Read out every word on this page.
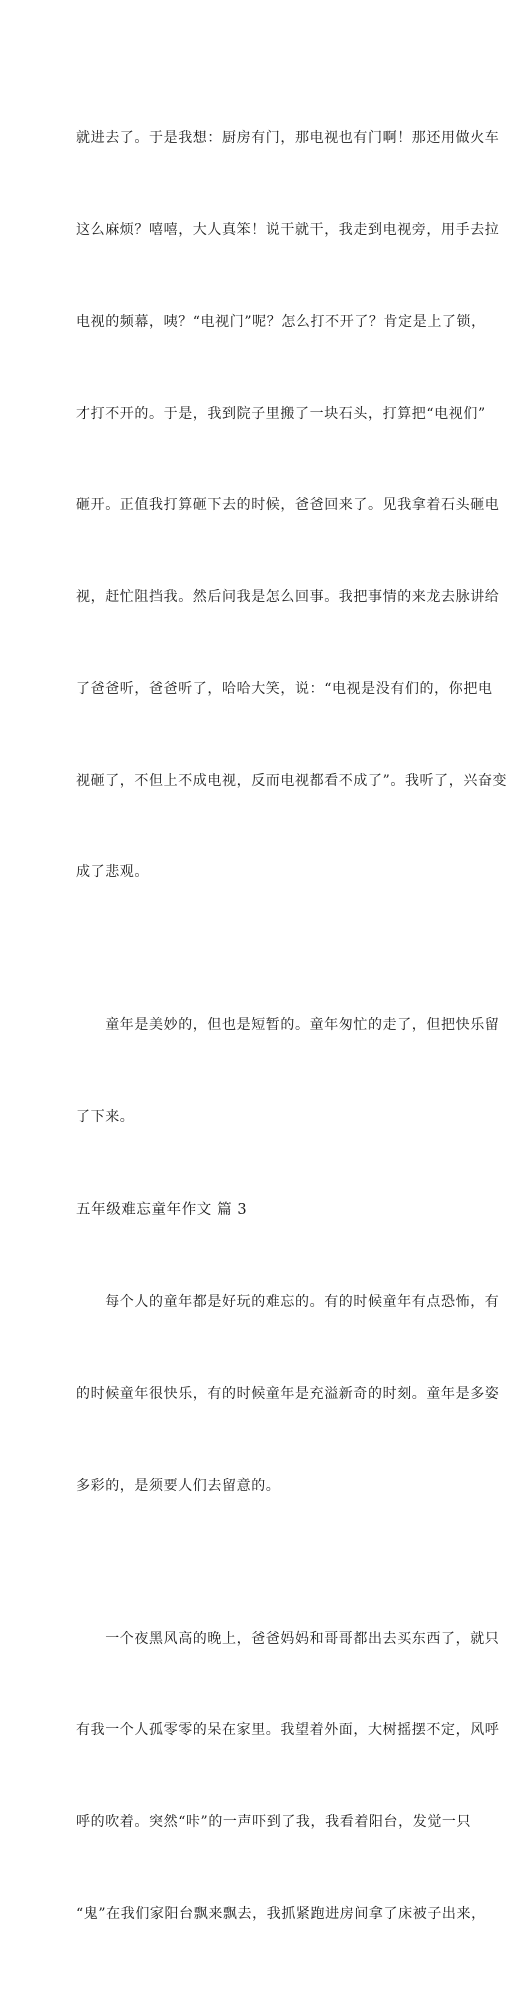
就进去了。于是我想：厨房有门，那电视也有门啊！那还用做火车

这么麻烦？嘻嘻，大人真笨！说干就干，我走到电视旁，用手去拉

电视的频幕，咦？“电视门”呢？怎么打不开了？肯定是上了锁，

才打不开的。于是，我到院子里搬了一块石头，打算把“电视们”

砸开。正值我打算砸下去的时候，爸爸回来了。见我拿着石头砸电

视，赶忙阻挡我。然后问我是怎么回事。我把事情的来龙去脉讲给

了爸爸听，爸爸听了，哈哈大笑，说：“电视是没有们的，你把电

视砸了，不但上不成电视，反而电视都看不成了”。我听了，兴奋变

成了悲观。

　　童年是美妙的，但也是短暂的。童年匆忙的走了，但把快乐留

了下来。

五年级难忘童年作文 篇 3

　　每个人的童年都是好玩的难忘的。有的时候童年有点恐怖，有

的时候童年很快乐，有的时候童年是充溢新奇的时刻。童年是多姿

多彩的，是须要人们去留意的。

　　一个夜黑风高的晚上，爸爸妈妈和哥哥都出去买东西了，就只

有我一个人孤零零的呆在家里。我望着外面，大树摇摆不定，风呼

呼的吹着。突然“咔”的一声吓到了我，我看着阳台，发觉一只

“鬼”在我们家阳台飘来飘去，我抓紧跑进房间拿了床被子出来，
